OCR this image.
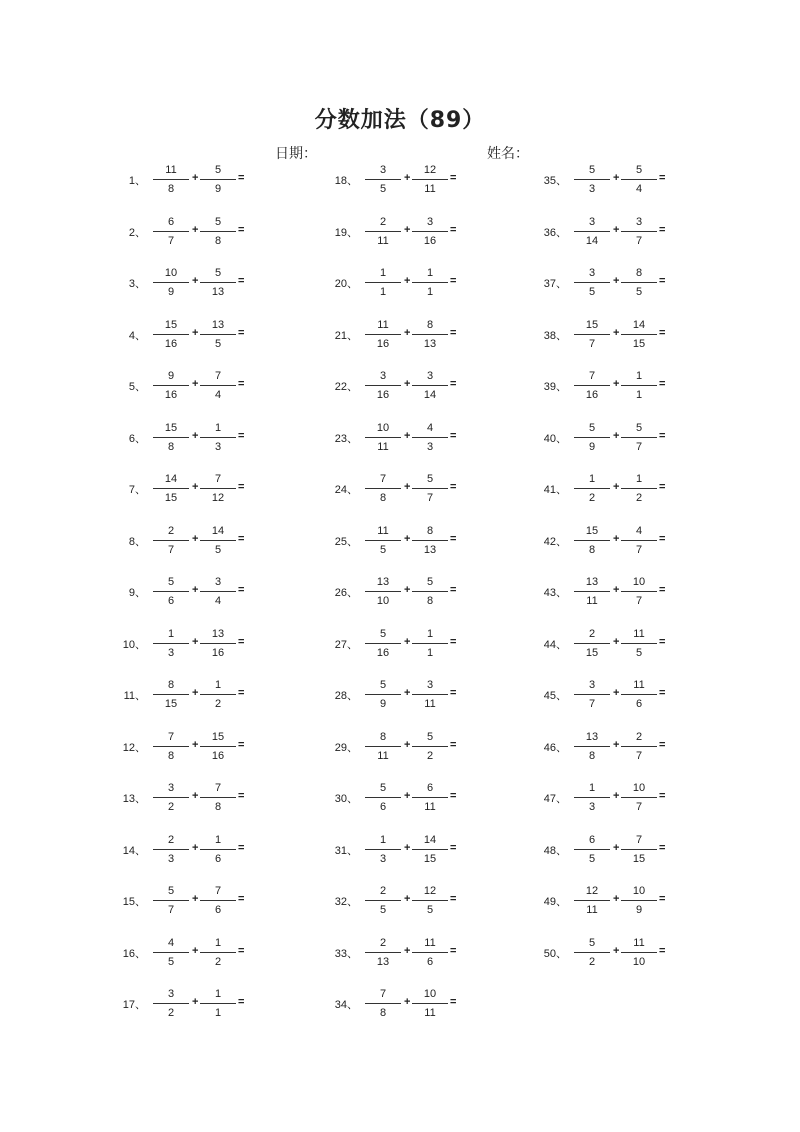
分数加法（89）
日期：	姓名：
1、
11
8
+
5
9
=
2、
6
7
+
5
8
=
3、
10
9
+
5
13
=
4、
15
16
+
13
5
=
5、
9
16
+
7
4
=
6、
15
8
+
1
3
=
7、
14
15
+
7
12
=
8、
2
7
+
14
5
=
9、
5
6
+
3
4
=
10、
1
3
+
13
16
=
11、
8
15
+
1
2
=
12、
7
8
+
15
16
=
13、
3
2
+
7
8
=
14、
2
3
+
1
6
=
15、
5
7
+
7
6
=
16、
4
5
+
1
2
=
17、
3
2
+
1
1
=
18、
3
5
+
12
11
=
19、
2
11
+
3
16
=
20、
1
1
+
1
1
=
21、
11
16
+
8
13
=
22、
3
16
+
3
14
=
23、
10
11
+
4
3
=
24、
7
8
+
5
7
=
25、
11
5
+
8
13
=
26、
13
10
+
5
8
=
27、
5
16
+
1
1
=
28、
5
9
+
3
11
=
29、
8
11
+
5
2
=
30、
5
6
+
6
11
=
31、
1
3
+
14
15
=
32、
2
5
+
12
5
=
33、
2
13
+
11
6
=
34、
7
8
+
10
11
=
35、
5
3
+
5
4
=
36、
3
14
+
3
7
=
37、
3
5
+
8
5
=
38、
15
7
+
14
15
=
39、
7
16
+
1
1
=
40、
5
9
+
5
7
=
41、
1
2
+
1
2
=
42、
15
8
+
4
7
=
43、
13
11
+
10
7
=
44、
2
15
+
11
5
=
45、
3
7
+
11
6
=
46、
13
8
+
2
7
=
47、
1
3
+
10
7
=
48、
6
5
+
7
15
=
49、
12
11
+
10
9
=
50、
5
2
+
11
10
=
